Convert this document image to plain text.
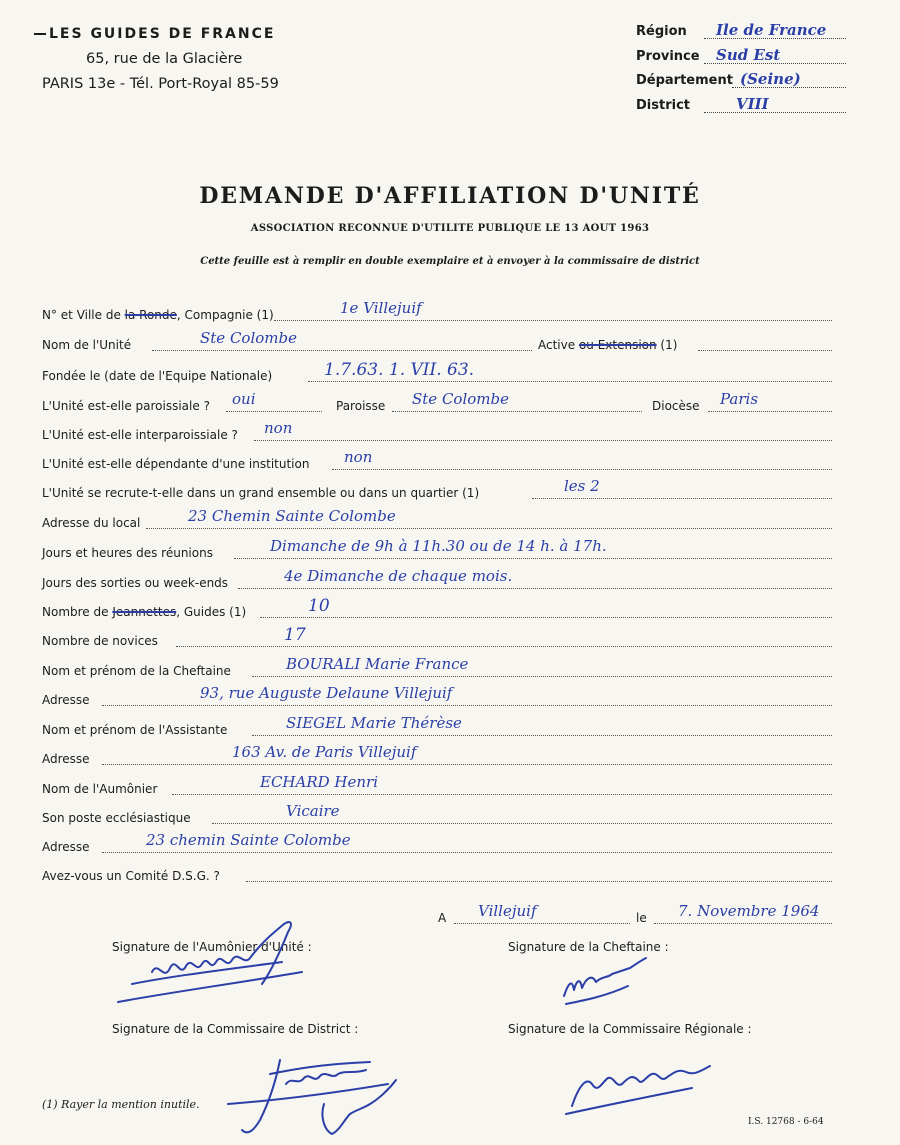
LES GUIDES DE FRANCE
65, rue de la Glacière
PARIS 13e - Tél. Port-Royal 85-59
Région Ile de France
Province Sud Est
Département (Seine)
District	VIII
DEMANDE D'AFFILIATION D'UNITÉ
ASSOCIATION RECONNUE D'UTILITE PUBLIQUE LE 13 AOUT 1963
Cette feuille est à remplir en double exemplaire et à envoyer à la commissaire de district
N° et Ville de la Ronde, Compagnie (1)	1e Villejuif
Nom de l'Unité	Ste Colombe	Active ou Extension (1)
Fondée le (date de l'Equipe Nationale)	1.7.63. 1. VII. 63.
L'Unité est-elle paroissiale ? oui	Paroisse Ste Colombe	Diocèse Paris
L'Unité est-elle interparoissiale ? non
L'Unité est-elle dépendante d'une institution non
L'Unité se recrute-t-elle dans un grand ensemble ou dans un quartier (1)	les 2
Adresse du local	23 Chemin Sainte Colombe
Jours et heures des réunions	Dimanche de 9h à 11h.30 ou de 14 h. à 17h.
Jours des sorties ou week-ends	4e Dimanche de chaque mois.
Nombre de Jeannettes, Guides (1)	10
Nombre de novices	17
Nom et prénom de la Cheftaine	BOURALI Marie France
Adresse	93, rue Auguste Delaune Villejuif
Nom et prénom de l'Assistante	SIEGEL Marie Thérèse
Adresse	163 Av. de Paris Villejuif
Nom de l'Aumônier	ECHARD Henri
Son poste ecclésiastique	Vicaire
Adresse	23 chemin Sainte Colombe
Avez-vous un Comité D.S.G. ?
A Villejuif	le 7. Novembre 1964
Signature de l'Aumônier d'Unité :	Signature de la Cheftaine :
Signature de la Commissaire de District :	Signature de la Commissaire Régionale :
(1) Rayer la mention inutile.
I.S. 12768 - 6-64
